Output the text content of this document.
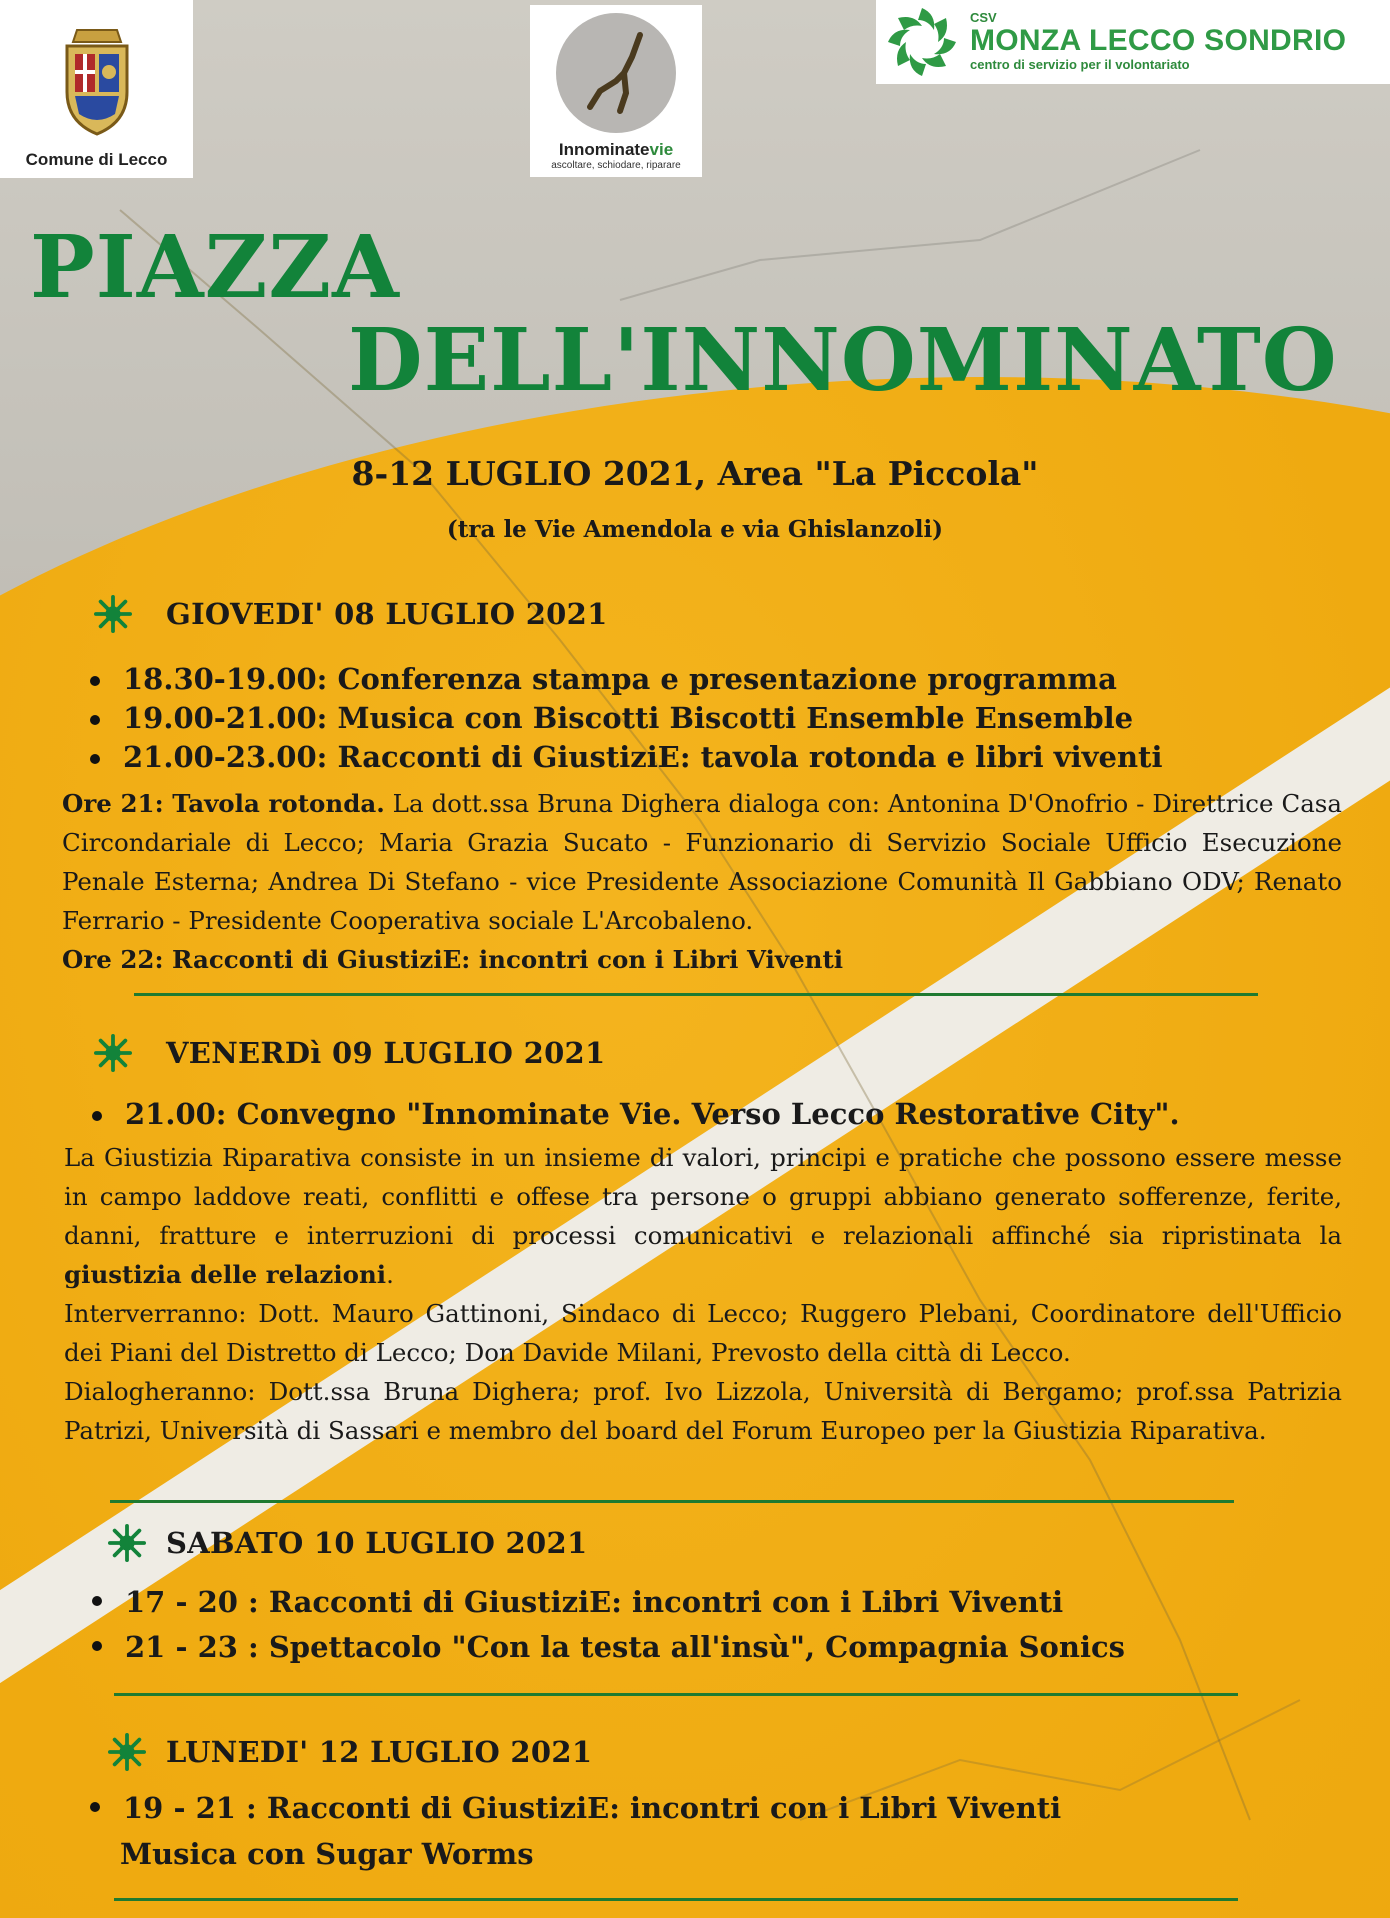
Comune di Lecco
Innominatevie
ascoltare, schiodare, riparare
CSV
MONZA LECCO SONDRIO
centro di servizio per il volontariato
PIAZZA
DELL'INNOMINATO
8-12 LUGLIO 2021, Area "La Piccola"
(tra le Vie Amendola e via Ghislanzoli)
GIOVEDI' 08 LUGLIO 2021
18.30-19.00: Conferenza stampa e presentazione programma
19.00-21.00: Musica con Biscotti Biscotti Ensemble Ensemble
21.00-23.00: Racconti di GiustiziE: tavola rotonda e libri viventi
Ore 21: Tavola rotonda. La dott.ssa Bruna Dighera dialoga con: Antonina D'Onofrio - Direttrice Casa Circondariale di Lecco; Maria Grazia Sucato - Funzionario di Servizio Sociale Ufficio Esecuzione Penale Esterna; Andrea Di Stefano - vice Presidente Associazione Comunità Il Gabbiano ODV; Renato Ferrario - Presidente Cooperativa sociale L'Arcobaleno.
Ore 22: Racconti di GiustiziE: incontri con i Libri Viventi
VENERDì 09 LUGLIO 2021
21.00: Convegno "Innominate Vie. Verso Lecco Restorative City".
La Giustizia Riparativa consiste in un insieme di valori, principi e pratiche che possono essere messe in campo laddove reati, conflitti e offese tra persone o gruppi abbiano generato sofferenze, ferite, danni, fratture e interruzioni di processi comunicativi e relazionali affinché sia ripristinata la giustizia delle relazioni.
Interverranno: Dott. Mauro Gattinoni, Sindaco di Lecco; Ruggero Plebani, Coordinatore dell'Ufficio dei Piani del Distretto di Lecco; Don Davide Milani, Prevosto della città di Lecco.
Dialogheranno: Dott.ssa Bruna Dighera; prof. Ivo Lizzola, Università di Bergamo; prof.ssa Patrizia Patrizi, Università di Sassari e membro del board del Forum Europeo per la Giustizia Riparativa.
SABATO 10 LUGLIO 2021
17 - 20 : Racconti di GiustiziE: incontri con i Libri Viventi
21 - 23 : Spettacolo "Con la testa all'insù", Compagnia Sonics
LUNEDI' 12 LUGLIO 2021
19 - 21 : Racconti di GiustiziE: incontri con i Libri Viventi
Musica con Sugar Worms
